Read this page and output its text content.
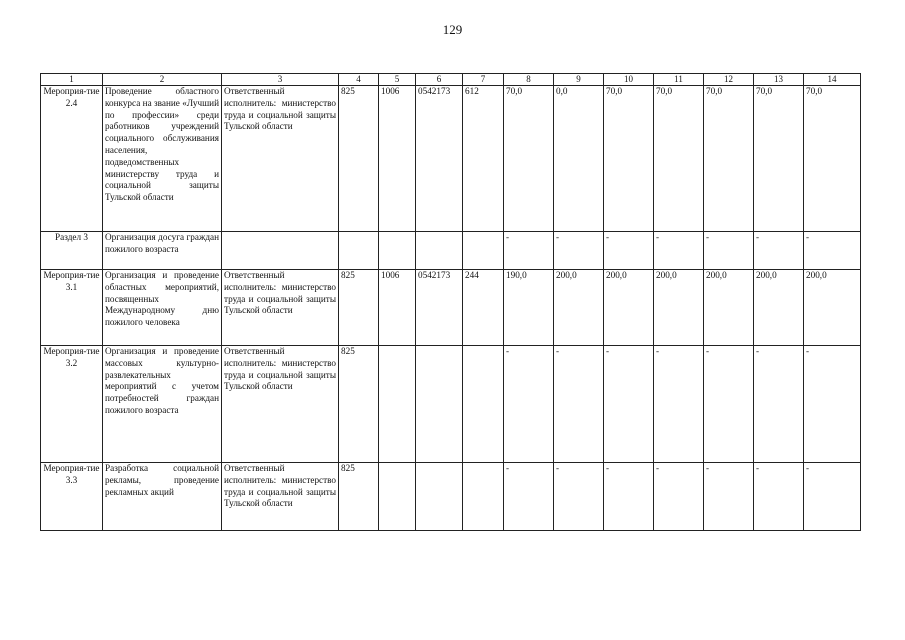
129
1	2	3	4	5	6	7	8	9	10	11	12	13	14
Мероприя-тие 2.4	Проведение областного конкурса на звание «Лучший по профессии» среди работников учреждений социального обслуживания населения, подведомственных министерству труда и социальной защиты Тульской области	Ответственный исполнитель: министерство труда и социальной защиты Тульской области	825	1006	0542173	612	70,0	0,0	70,0	70,0	70,0	70,0	70,0
Раздел 3	Организация досуга граждан пожилого возраста						-	-	-	-	-	-	-
Мероприя-тие 3.1	Организация и проведение областных мероприятий, посвященных Международному дню пожилого человека	Ответственный исполнитель: министерство труда и социальной защиты Тульской области	825	1006	0542173	244	190,0	200,0	200,0	200,0	200,0	200,0	200,0
Мероприя-тие 3.2	Организация и проведение массовых культурно-развлекательных мероприятий с учетом потребностей граждан пожилого возраста	Ответственный исполнитель: министерство труда и социальной защиты Тульской области	825				-	-	-	-	-	-	-
Мероприя-тие 3.3	Разработка социальной рекламы, проведение рекламных акций	Ответственный исполнитель: министерство труда и социальной защиты Тульской области	825				-	-	-	-	-	-	-
